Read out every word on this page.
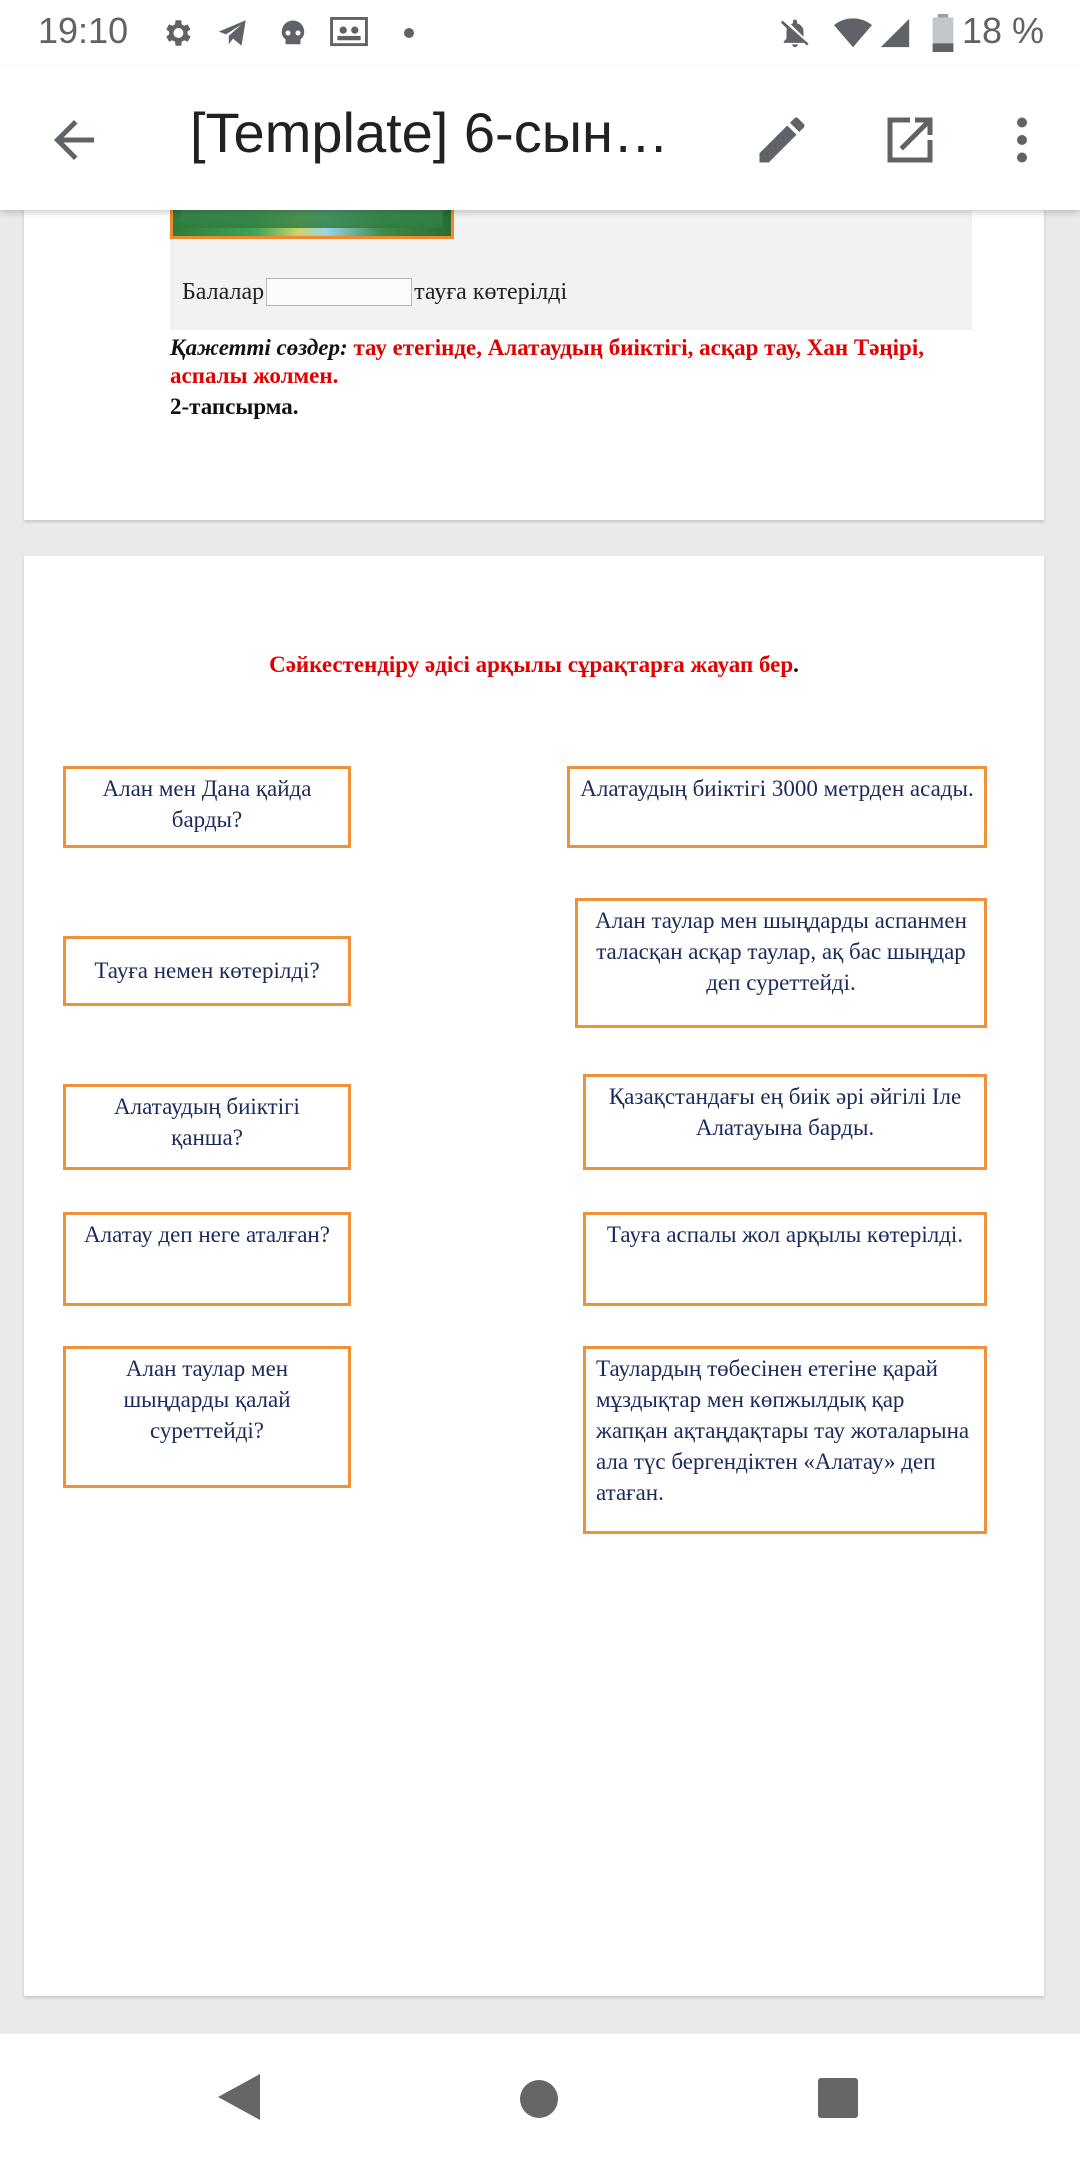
19:10	18 %
[Template] 6-сын…
Балалар	тауға көтерілді
Қажетті сөздер: тау етегінде, Алатаудың биіктігі, асқар тау, Хан Тәңірі, аспалы жолмен.
2-тапсырма.
Сәйкестендіру әдісі арқылы сұрақтарға жауап бер.
Алан мен Дана қайда барды?
Тауға немен көтерілді?
Алатаудың биіктігі қанша?
Алатау деп неге аталған?
Алан таулар мен шыңдарды қалай суреттейді?
Алатаудың биіктігі 3000 метрден асады.
Алан таулар мен шыңдарды аспанмен таласқан асқар таулар, ақ бас шыңдар деп суреттейді.
Қазақстандағы ең биік әрі әйгілі Іле Алатауына барды.
Тауға аспалы жол арқылы көтерілді.
Таулардың төбесінен етегіне қарай мұздықтар мен көпжылдық қар жапқан ақтаңдақтары тау жоталарына ала түс бергендіктен «Алатау» деп атаған.
